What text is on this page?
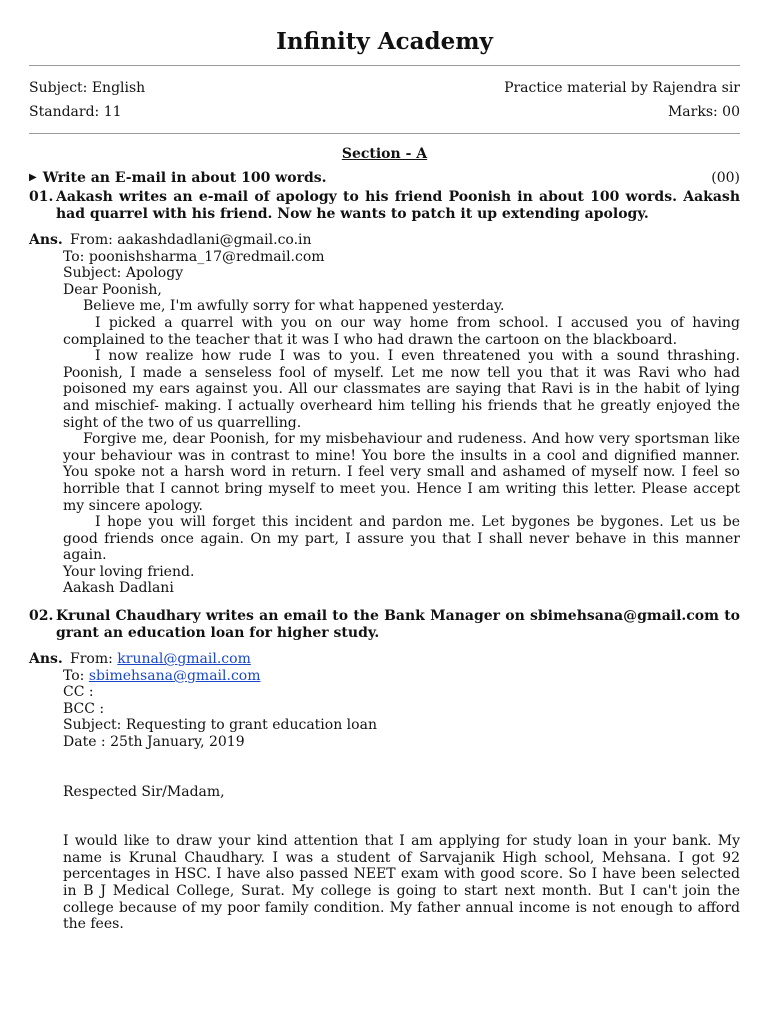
Infinity Academy
Subject: English	Practice material by Rajendra sir
Standard: 11	Marks: 00
Section - A
▶ Write an E-mail in about 100 words.	(00)
01. Aakash writes an e-mail of apology to his friend Poonish in about 100 words. Aakash had quarrel with his friend. Now he wants to patch it up extending apology.
Ans. From: aakashdadlani@gmail.co.in
To: poonishsharma_17@redmail.com
Subject: Apology
Dear Poonish,
Believe me, I'm awfully sorry for what happened yesterday.
I picked a quarrel with you on our way home from school. I accused you of having complained to the teacher that it was I who had drawn the cartoon on the blackboard.
I now realize how rude I was to you. I even threatened you with a sound thrashing. Poonish, I made a senseless fool of myself. Let me now tell you that it was Ravi who had poisoned my ears against you. All our classmates are saying that Ravi is in the habit of lying and mischief- making. I actually overheard him telling his friends that he greatly enjoyed the sight of the two of us quarrelling.
Forgive me, dear Poonish, for my misbehaviour and rudeness. And how very sportsman like your behaviour was in contrast to mine! You bore the insults in a cool and dignified manner. You spoke not a harsh word in return. I feel very small and ashamed of myself now. I feel so horrible that I cannot bring myself to meet you. Hence I am writing this letter. Please accept my sincere apology.
I hope you will forget this incident and pardon me. Let bygones be bygones. Let us be good friends once again. On my part, I assure you that I shall never behave in this manner again.
Your loving friend.
Aakash Dadlani
02. Krunal Chaudhary writes an email to the Bank Manager on sbimehsana@gmail.com to grant an education loan for higher study.
Ans. From: krunal@gmail.com
To: sbimehsana@gmail.com
CC :
BCC :
Subject: Requesting to grant education loan
Date : 25th January, 2019
Respected Sir/Madam,
I would like to draw your kind attention that I am applying for study loan in your bank. My name is Krunal Chaudhary. I was a student of Sarvajanik High school, Mehsana. I got 92 percentages in HSC. I have also passed NEET exam with good score. So I have been selected in B J Medical College, Surat. My college is going to start next month. But I can't join the college because of my poor family condition. My father annual income is not enough to afford the fees.
